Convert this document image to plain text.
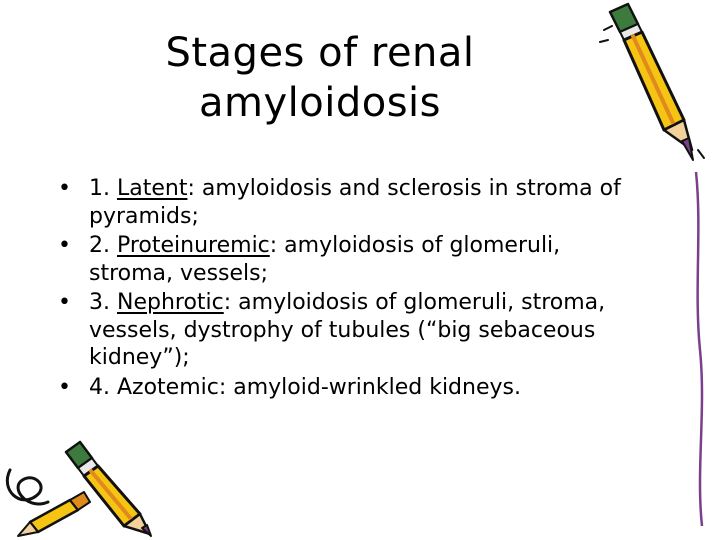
Stages of renal
amyloidosis
• 1. Latent: amyloidosis and sclerosis in stroma of pyramids;
• 2. Proteinuremic: amyloidosis of glomeruli, stroma, vessels;
• 3. Nephrotic: amyloidosis of glomeruli, stroma, vessels, dystrophy of tubules (“big sebaceous kidney”);
• 4. Azotemic: amyloid-wrinkled kidneys.
